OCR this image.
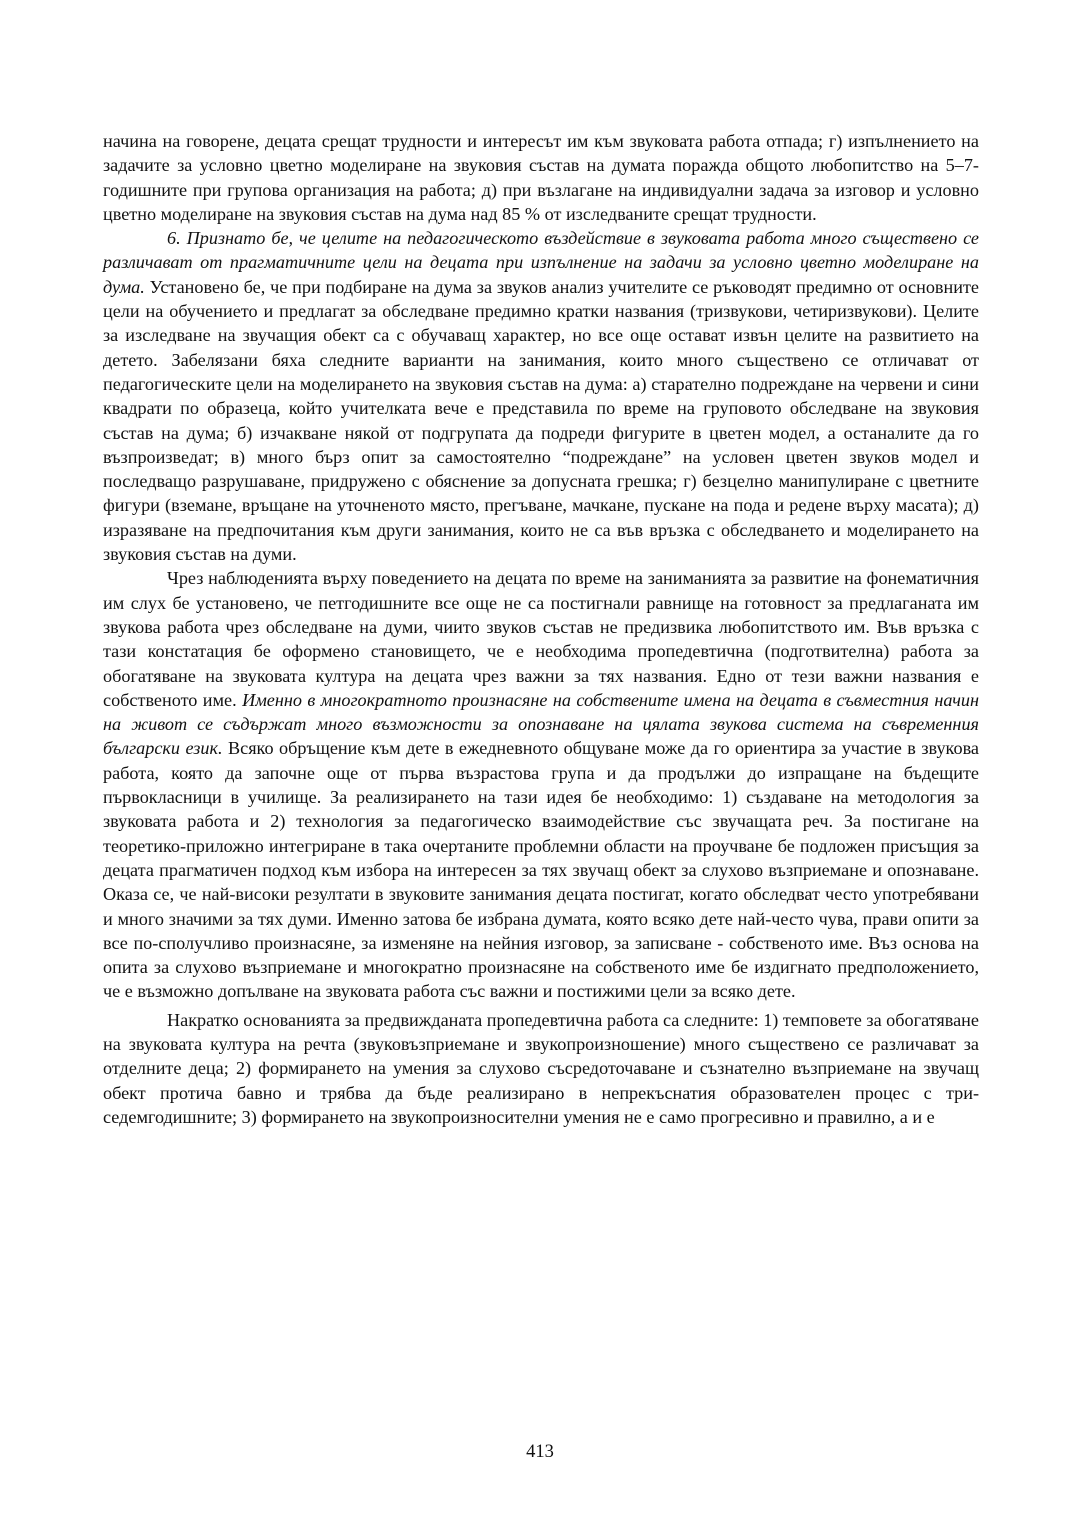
начина на говорене, децата срещат трудности и интересът им към звуковата работа отпада; г) изпълнението на задачите за условно цветно моделиране на звуковия състав на думата поражда общото любопитство на 5–7-годишните при групова организация на работа; д) при възлагане на индивидуални задача за изговор и условно цветно моделиране на звуковия състав на дума над 85 % от изследваните срещат трудности.

6. Признато бе, че целите на педагогическото въздействие в звуковата работа много съществено се различават от прагматичните цели на децата при изпълнение на задачи за условно цветно моделиране на дума. Установено бе, че при подбиране на дума за звуков анализ учителите се ръководят предимно от основните цели на обучението и предлагат за обследване предимно кратки названия (тризвукови, четиризвукови). Целите за изследване на звучащия обект са с обучаващ характер, но все още остават извън целите на развитието на детето. Забелязани бяха следните варианти на занимания, които много съществено се отличават от педагогическите цели на моделирането на звуковия състав на дума: а) старателно подреждане на червени и сини квадрати по образеца, който учителката вече е представила по време на груповото обследване на звуковия състав на дума; б) изчакване някой от подгрупата да подреди фигурите в цветен модел, а останалите да го възпроизведат; в) много бърз опит за самостоятелно “подреждане” на условен цветен звуков модел и последващо разрушаване, придружено с обяснение за допусната грешка; г) безцелно манипулиране с цветните фигури (вземане, връщане на уточненото място, прегъване, мачкане, пускане на пода и редене върху масата); д) изразяване на предпочитания към други занимания, които не са във връзка с обследването и моделирането на звуковия състав на думи.

Чрез наблюденията върху поведението на децата по време на заниманията за развитие на фонематичния им слух бе установено, че петгодишните все още не са постигнали равнище на готовност за предлаганата им звукова работа чрез обследване на думи, чиито звуков състав не предизвика любопитството им. Във връзка с тази констатация бе оформено становището, че е необходима пропедевтична (подготвителна) работа за обогатяване на звуковата култура на децата чрез важни за тях названия. Едно от тези важни названия е собственото име. Именно в многократното произнасяне на собствените имена на децата в съвместния начин на живот се съдържат много възможности за опознаване на цялата звукова система на съвременния български език. Всяко обръщение към дете в ежедневното общуване може да го ориентира за участие в звукова работа, която да започне още от първа възрастова група и да продължи до изпращане на бъдещите първокласници в училище. За реализирането на тази идея бе необходимо: 1) създаване на методология за звуковата работа и 2) технология за педагогическо взаимодействие със звучащата реч. За постигане на теоретико-приложно интегриране в така очертаните проблемни области на проучване бе подложен присъщия за децата прагматичен подход към избора на интересен за тях звучащ обект за слухово възприемане и опознаване. Оказа се, че най-високи резултати в звуковите занимания децата постигат, когато обследват често употребявани и много значими за тях думи. Именно затова бе избрана думата, която всяко дете най-често чува, прави опити за все по-сполучливо произнасяне, за изменяне на нейния изговор, за записване - собственото име. Въз основа на опита за слухово възприемане и многократно произнасяне на собственото име бе издигнато предположението, че е възможно допълване на звуковата работа със важни и постижими цели за всяко дете.

Накратко основанията за предвижданата пропедевтична работа са следните: 1) темповете за обогатяване на звуковата култура на речта (звуковъзприемане и звукопроизношение) много съществено се различават за отделните деца; 2) формирането на умения за слухово съсредоточаване и съзнателно възприемане на звучащ обект протича бавно и трябва да бъде реализирано в непрекъснатия образователен процес с три-седемгодишните; 3) формирането на звукопроизносителни умения не е само прогресивно и правилно, а и е

413
